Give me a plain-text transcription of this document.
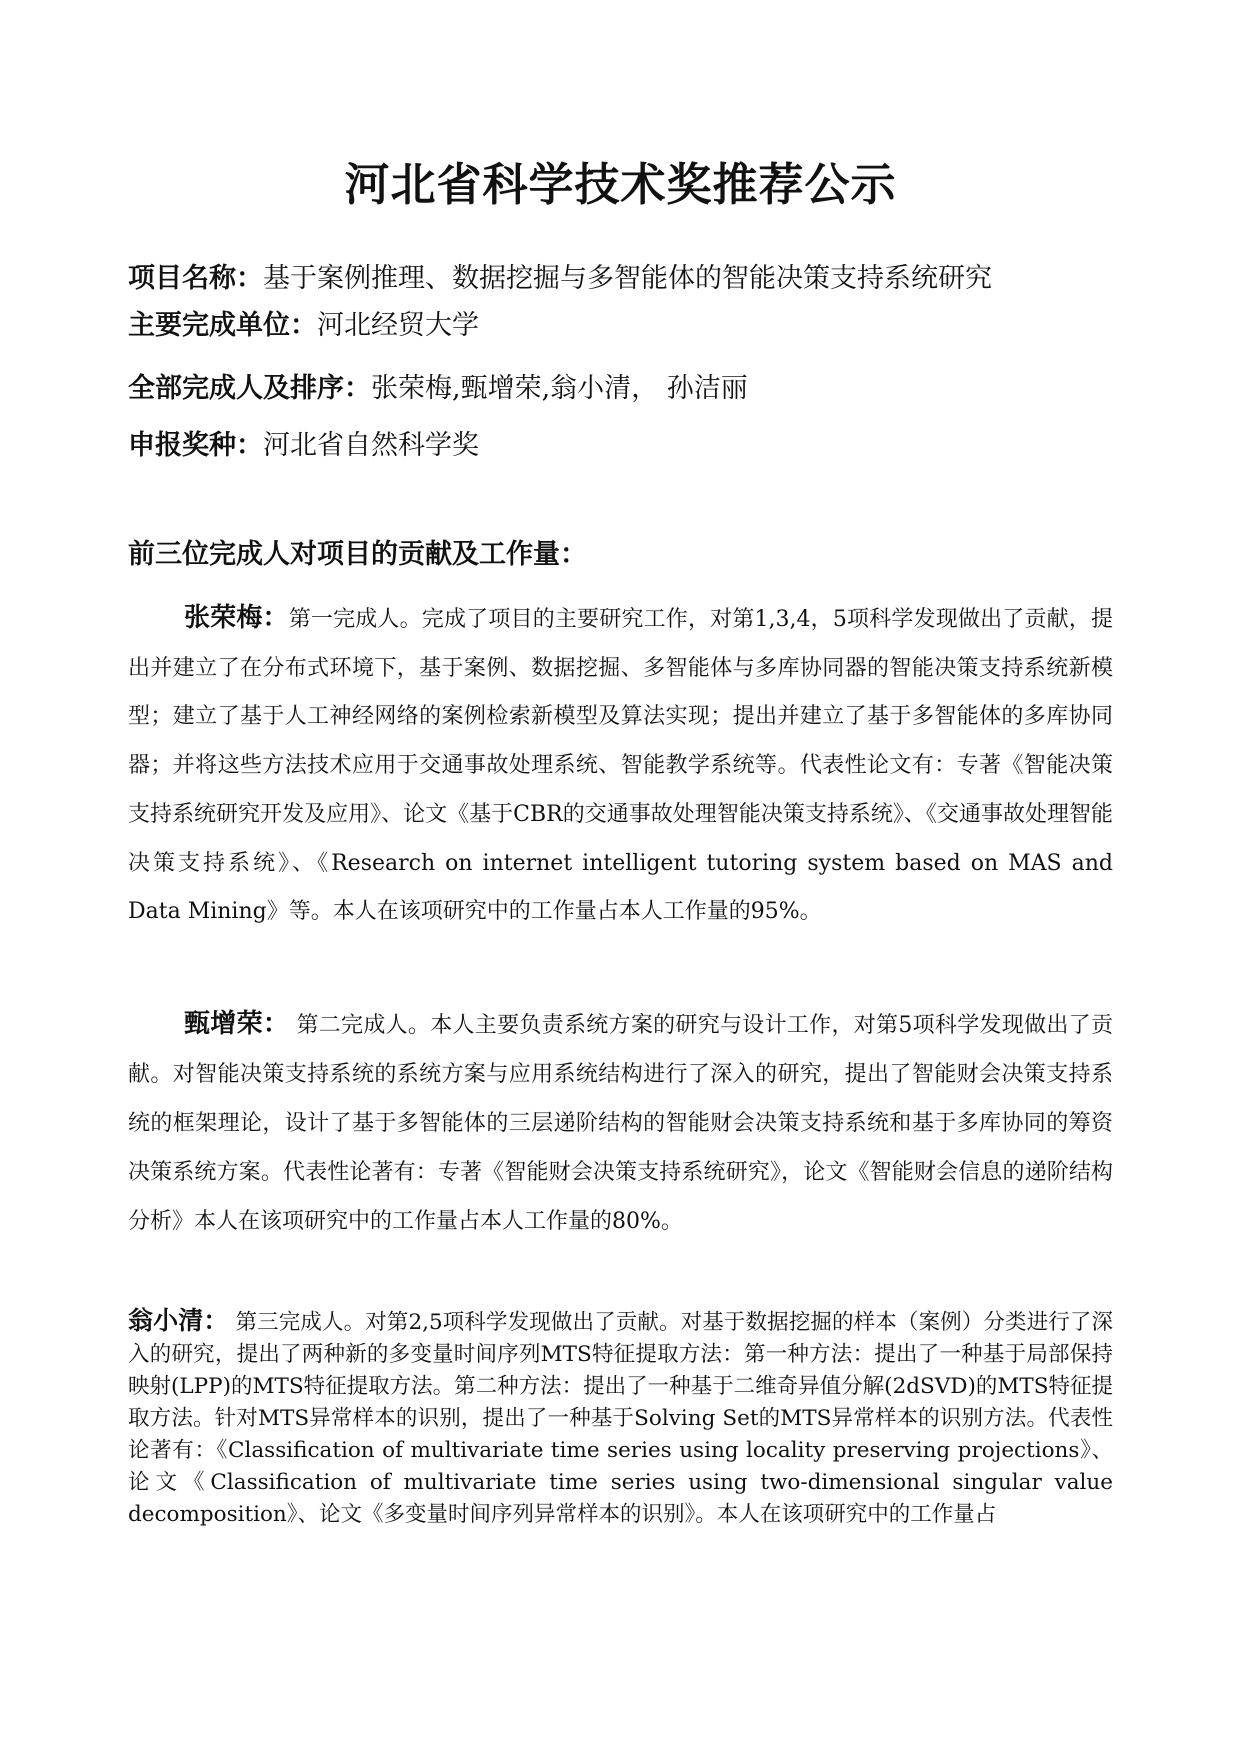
河北省科学技术奖推荐公示
项目名称：基于案例推理、数据挖掘与多智能体的智能决策支持系统研究
主要完成单位：河北经贸大学
全部完成人及排序：张荣梅,甄增荣,翁小清， 孙洁丽
申报奖种：河北省自然科学奖
前三位完成人对项目的贡献及工作量：
张荣梅：第一完成人。完成了项目的主要研究工作，对第1,3,4，5项科学发现做出了贡献，提出并建立了在分布式环境下，基于案例、数据挖掘、多智能体与多库协同器的智能决策支持系统新模型；建立了基于人工神经网络的案例检索新模型及算法实现；提出并建立了基于多智能体的多库协同器；并将这些方法技术应用于交通事故处理系统、智能教学系统等。代表性论文有：专著《智能决策支持系统研究开发及应用》、论文《基于CBR的交通事故处理智能决策支持系统》、《交通事故处理智能决策支持系统》、《Research on internet intelligent tutoring system based on MAS and Data Mining》等。本人在该项研究中的工作量占本人工作量的95%。
甄增荣： 第二完成人。本人主要负责系统方案的研究与设计工作，对第5项科学发现做出了贡献。对智能决策支持系统的系统方案与应用系统结构进行了深入的研究，提出了智能财会决策支持系统的框架理论，设计了基于多智能体的三层递阶结构的智能财会决策支持系统和基于多库协同的筹资决策系统方案。代表性论著有：专著《智能财会决策支持系统研究》，论文《智能财会信息的递阶结构分析》本人在该项研究中的工作量占本人工作量的80%。
翁小清： 第三完成人。对第2,5项科学发现做出了贡献。对基于数据挖掘的样本（案例）分类进行了深入的研究，提出了两种新的多变量时间序列MTS特征提取方法：第一种方法：提出了一种基于局部保持映射(LPP)的MTS特征提取方法。第二种方法：提出了一种基于二维奇异值分解(2dSVD)的MTS特征提取方法。针对MTS异常样本的识别，提出了一种基于Solving Set的MTS异常样本的识别方法。代表性论著有：《Classification of multivariate time series using locality preserving projections》、论文《Classification of multivariate time series using two-dimensional singular value decomposition》、论文《多变量时间序列异常样本的识别》。本人在该项研究中的工作量占
